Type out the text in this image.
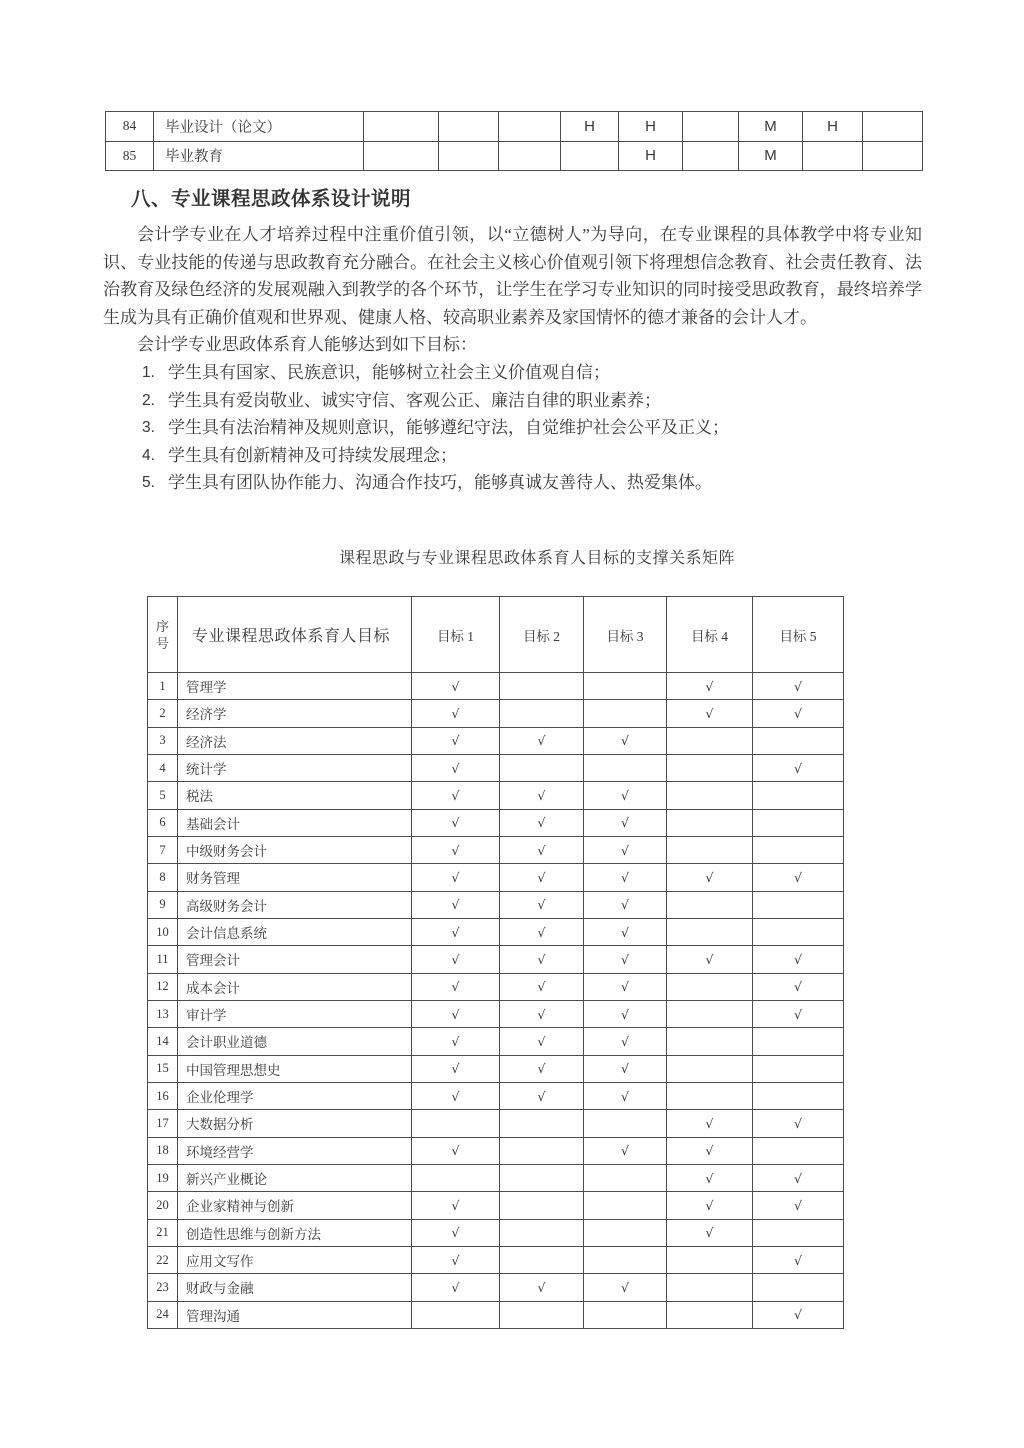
84	毕业设计（论文）				H	H		M	H	
85	毕业教育					H		M		
八、专业课程思政体系设计说明

会计学专业在人才培养过程中注重价值引领，以“立德树人”为导向，在专业课程的具体教学中将专业知识、专业技能的传递与思政教育充分融合。在社会主义核心价值观引领下将理想信念教育、社会责任教育、法治教育及绿色经济的发展观融入到教学的各个环节，让学生在学习专业知识的同时接受思政教育，最终培养学生成为具有正确价值观和世界观、健康人格、较高职业素养及家国情怀的德才兼备的会计人才。

会计学专业思政体系育人能够达到如下目标：

1. 学生具有国家、民族意识，能够树立社会主义价值观自信；
2. 学生具有爱岗敬业、诚实守信、客观公正、廉洁自律的职业素养；
3. 学生具有法治精神及规则意识，能够遵纪守法，自觉维护社会公平及正义；
4. 学生具有创新精神及可持续发展理念；
5. 学生具有团队协作能力、沟通合作技巧，能够真诚友善待人、热爱集体。
课程思政与专业课程思政体系育人目标的支撑关系矩阵
序
号	专业课程思政体系育人目标	目标 1	目标 2	目标 3	目标 4	目标 5
1	管理学	√			√	√
2	经济学	√			√	√
3	经济法	√	√	√		
4	统计学	√				√
5	税法	√	√	√		
6	基础会计	√	√	√		
7	中级财务会计	√	√	√		
8	财务管理	√	√	√	√	√
9	高级财务会计	√	√	√		
10	会计信息系统	√	√	√		
11	管理会计	√	√	√	√	√
12	成本会计	√	√	√		√
13	审计学	√	√	√		√
14	会计职业道德	√	√	√		
15	中国管理思想史	√	√	√		
16	企业伦理学	√	√	√		
17	大数据分析				√	√
18	环境经营学	√		√	√	
19	新兴产业概论				√	√
20	企业家精神与创新	√			√	√
21	创造性思维与创新方法	√			√	
22	应用文写作	√				√
23	财政与金融	√	√	√		
24	管理沟通					√
